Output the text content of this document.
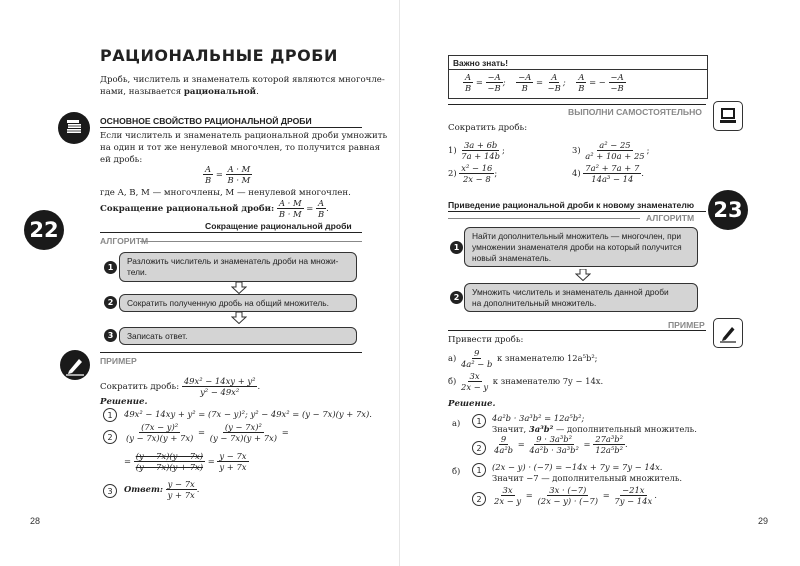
РАЦИОНАЛЬНЫЕ ДРОБИ
Дробь, числитель и знаменатель которой являются многочле-
нами, называется рациональной.
ОСНОВНОЕ СВОЙСТВО РАЦИОНАЛЬНОЙ ДРОБИ
Если числитель и знаменатель рациональной дроби умножить
на один и тот же ненулевой многочлен, то получится равная
ей дробь:
$\frac{A}{B} = \frac{A \cdot M}{B \cdot M}$
где A, B, M — многочлены, M — ненулевой многочлен.
Сокращение рациональной дроби: $\frac{A \cdot M}{B \cdot M} = \frac{A}{B}$ .
22	Сокращение рациональной дроби
АЛГОРИТМ
1
Разложить числитель и знаменатель дроби на множи-
тели.
2	Сократить полученную дробь на общий множитель.
3	Записать ответ.
ПРИМЕР
Сократить дробь: $\frac{\text{49x² − 14xy + y²}}{\text{y² − 49x²}}$ .
Решение.
1	49x² − 14xy + y² = (7x − y)²; y² − 49x² = (y − 7x)(y + 7x).
2	$\frac{\text{(7x − y)²}}{(y - 7x)(y + 7x)} = \frac{\text{(y − 7x)²}}{(y - 7x)(y + 7x)}$ =
= $\frac{(y - 7x)(y - 7x)}{(y - 7x)(y + 7x)} = \frac{y - 7x}{y + 7x}$
3	Ответ: $\frac{y - 7x}{y + 7x}$ .
28
Важно знать!
$\frac{A}{B} = \frac{-A}{-B}$ ; $\frac{-A}{B} = \frac{A}{-B}$ ; $\frac{A}{B}$ = − $\frac{-A}{-B}$
ВЫПОЛНИ САМОСТОЯТЕЛЬНО
Сократить дробь:
$1) \frac{3a + 6b}{7a + 14b}$ ;	$3) \frac{\text{a² − 25}}{\text{a² + 10a + 25}}$ ;
$2) \frac{\text{x² − 16}}{2x - 8}$ ;	$4) \frac{\text{7a² + 7a + 7}}{\text{14a³ − 14}}$ .
Приведение рациональной дроби к новому знаменателю 23
АЛГОРИТМ
1
Найти дополнительный множитель — многочлен, при
умножении знаменателя дроби на который получится
новый знаменатель.
2
Умножить числитель и знаменатель данной дроби
на дополнительный множитель.
ПРИМЕР
Привести дробь:
$а) \frac{9}{\text{4a² − b}}$ к знаменателю 12a⁵b²;
$б) \frac{3x}{2x - y}$ к знаменателю 7y − 14x.
Решение.
а)	1	4a²b · 3a³b² = 12a⁵b²;
Значит, 3a³b² — дополнительный множитель.
2	$\frac{9}{\text{4a²b}} = \frac{\text{9 · 3a³b²}}{\text{4a²b · 3a³b²}} = \frac{\text{27a³b²}}{\text{12a⁵b²}}$ .
б)	1	(2x − y) · (−7) = −14x + 7y = 7y − 14x.
Значит −7 — дополнительный множитель.
2	$\frac{3x}{2x - y} = \frac{3x \cdot (-7)}{(2x - y) \cdot (-7)} = \frac{-21x}{7y - 14x}$ .
29
